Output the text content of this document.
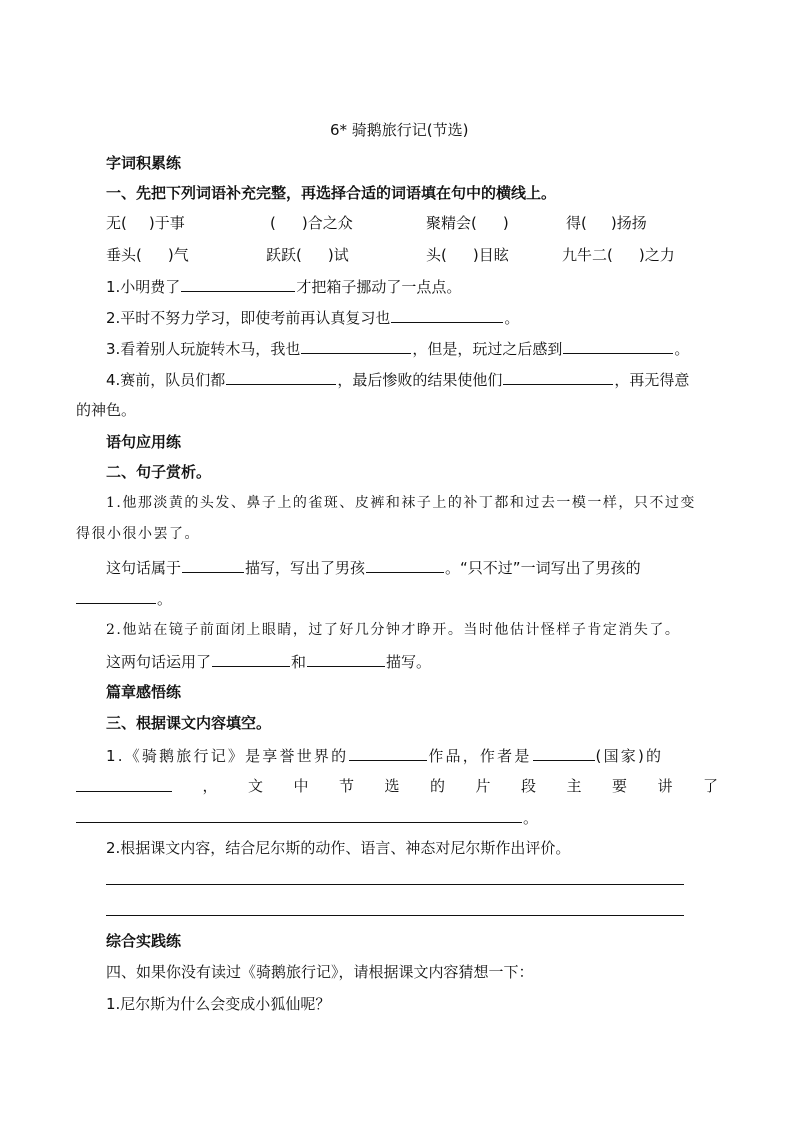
6* 骑鹅旅行记(节选)
字词积累练
一、先把下列词语补充完整，再选择合适的词语填在句中的横线上。
无( )于事	( )合之众	聚精会( )	得( )扬扬
垂头( )气	跃跃( )试	头( )目眩	九牛二( )之力
1.小明费了	才把箱子挪动了一点点。
2.平时不努力学习，即使考前再认真复习也	。
3.看着别人玩旋转木马，我也	，但是，玩过之后感到	。
4.赛前，队员们都	，最后惨败的结果使他们	，再无得意
的神色。
语句应用练
二、句子赏析。
1.他那淡黄的头发、鼻子上的雀斑、皮裤和袜子上的补丁都和过去一模一样，只不过变
得很小很小罢了。
这句话属于	描写，写出了男孩	。“只不过”一词写出了男孩的
。
2.他站在镜子前面闭上眼睛，过了好几分钟才睁开。当时他估计怪样子肯定消失了。
这两句话运用了	和	描写。
篇章感悟练
三、根据课文内容填空。
1.《骑鹅旅行记》是享誉世界的	作品，作者是	(国家)的
， 文 中 节 选 的 片 段 主 要 讲 了
。
2.根据课文内容，结合尼尔斯的动作、语言、神态对尼尔斯作出评价。
综合实践练
四、如果你没有读过《骑鹅旅行记》，请根据课文内容猜想一下：
1.尼尔斯为什么会变成小狐仙呢？
